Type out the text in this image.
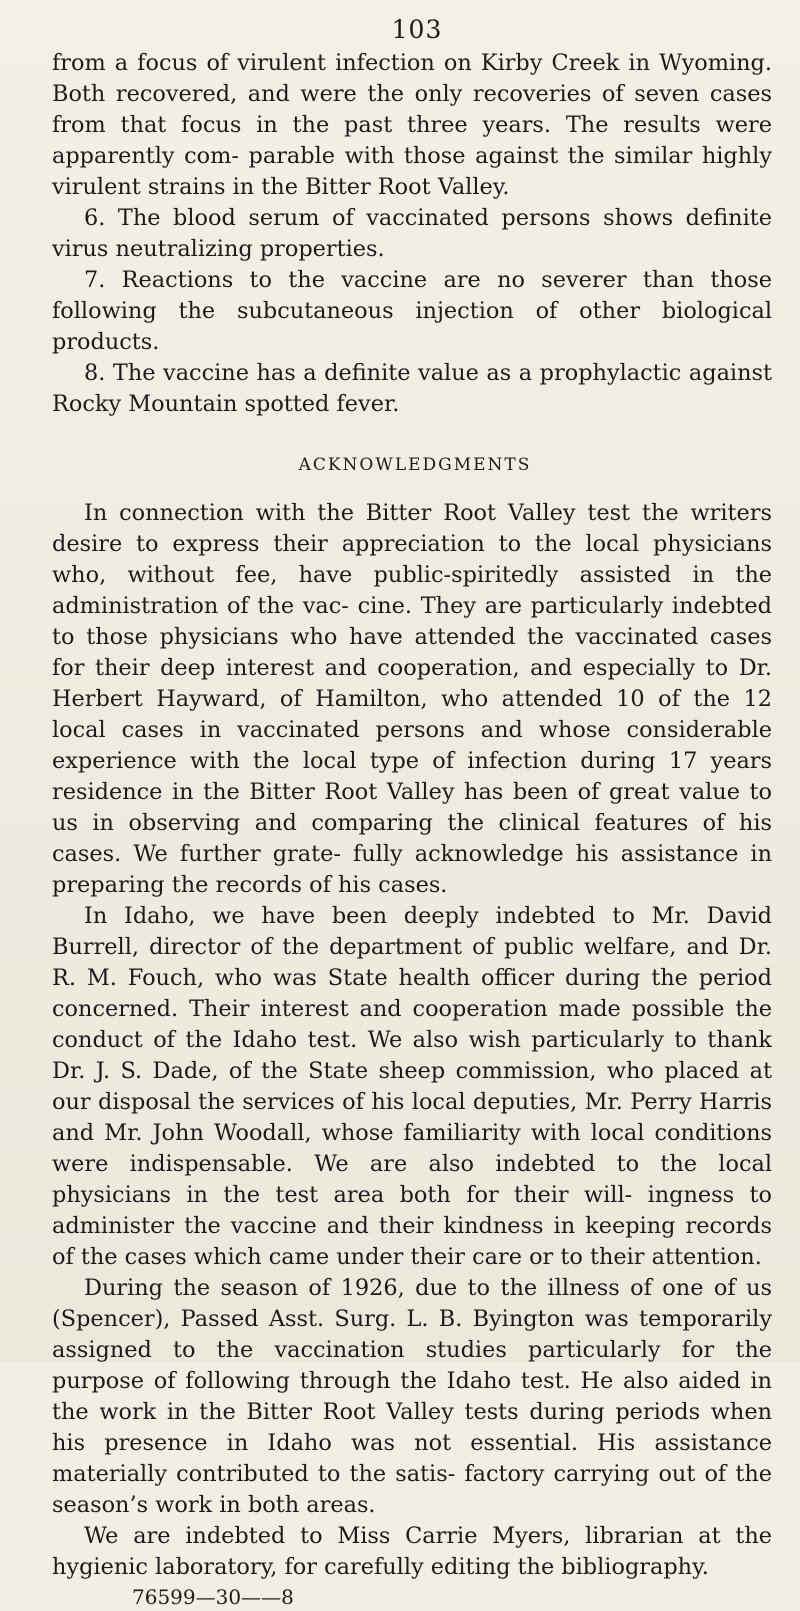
103

from a focus of virulent infection on Kirby Creek in Wyoming. Both recovered, and were the only recoveries of seven cases from that focus in the past three years. The results were apparently com- parable with those against the similar highly virulent strains in the Bitter Root Valley.

6. The blood serum of vaccinated persons shows definite virus neutralizing properties.

7. Reactions to the vaccine are no severer than those following the subcutaneous injection of other biological products.

8. The vaccine has a definite value as a prophylactic against Rocky Mountain spotted fever.

ACKNOWLEDGMENTS

In connection with the Bitter Root Valley test the writers desire to express their appreciation to the local physicians who, without fee, have public-spiritedly assisted in the administration of the vac- cine. They are particularly indebted to those physicians who have attended the vaccinated cases for their deep interest and cooperation, and especially to Dr. Herbert Hayward, of Hamilton, who attended 10 of the 12 local cases in vaccinated persons and whose considerable experience with the local type of infection during 17 years residence in the Bitter Root Valley has been of great value to us in observing and comparing the clinical features of his cases. We further grate- fully acknowledge his assistance in preparing the records of his cases.

In Idaho, we have been deeply indebted to Mr. David Burrell, director of the department of public welfare, and Dr. R. M. Fouch, who was State health officer during the period concerned. Their interest and cooperation made possible the conduct of the Idaho test. We also wish particularly to thank Dr. J. S. Dade, of the State sheep commission, who placed at our disposal the services of his local deputies, Mr. Perry Harris and Mr. John Woodall, whose familiarity with local conditions were indispensable. We are also indebted to the local physicians in the test area both for their will- ingness to administer the vaccine and their kindness in keeping records of the cases which came under their care or to their attention.

During the season of 1926, due to the illness of one of us (Spencer), Passed Asst. Surg. L. B. Byington was temporarily assigned to the vaccination studies particularly for the purpose of following through the Idaho test. He also aided in the work in the Bitter Root Valley tests during periods when his presence in Idaho was not essential. His assistance materially contributed to the satis- factory carrying out of the season’s work in both areas.

We are indebted to Miss Carrie Myers, librarian at the hygienic laboratory, for carefully editing the bibliography.

76599—30——8
